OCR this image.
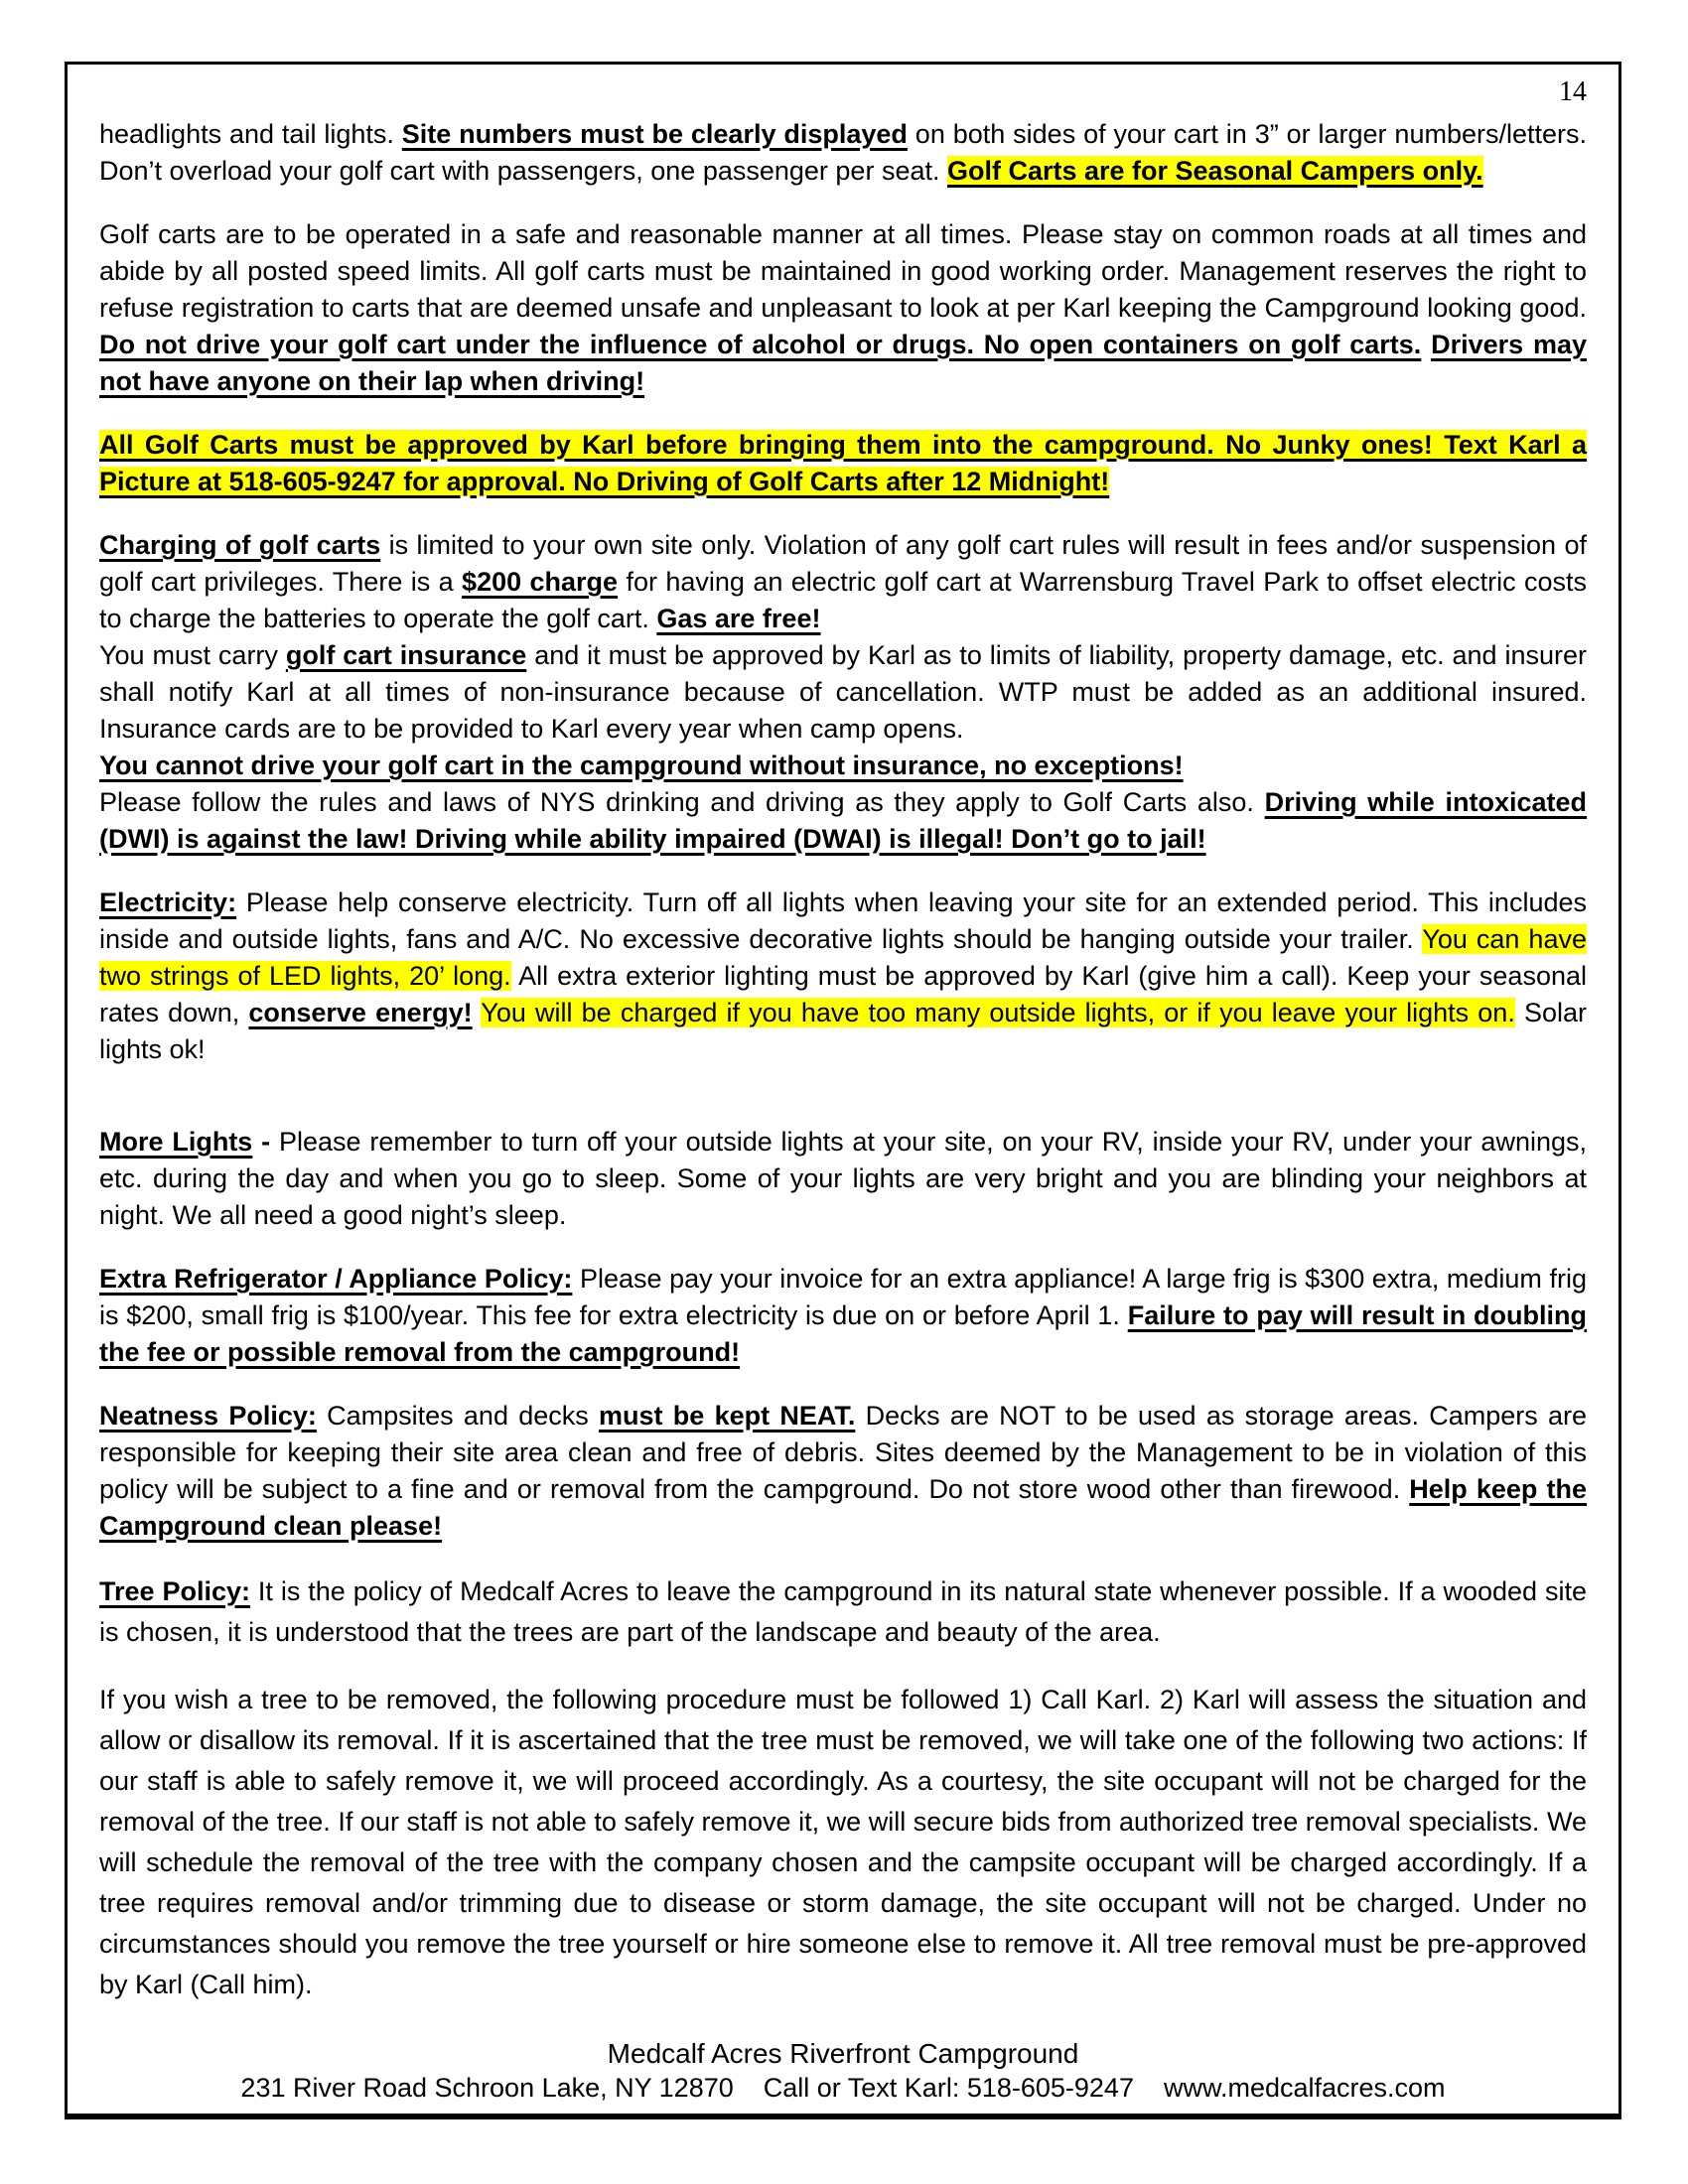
14
headlights and tail lights. Site numbers must be clearly displayed on both sides of your cart in 3” or larger numbers/letters. Don’t overload your golf cart with passengers, one passenger per seat. Golf Carts are for Seasonal Campers only.
Golf carts are to be operated in a safe and reasonable manner at all times. Please stay on common roads at all times and abide by all posted speed limits. All golf carts must be maintained in good working order. Management reserves the right to refuse registration to carts that are deemed unsafe and unpleasant to look at per Karl keeping the Campground looking good. Do not drive your golf cart under the influence of alcohol or drugs. No open containers on golf carts. Drivers may not have anyone on their lap when driving!
All Golf Carts must be approved by Karl before bringing them into the campground. No Junky ones! Text Karl a Picture at 518-605-9247 for approval. No Driving of Golf Carts after 12 Midnight!
Charging of golf carts is limited to your own site only. Violation of any golf cart rules will result in fees and/or suspension of golf cart privileges. There is a $200 charge for having an electric golf cart at Warrensburg Travel Park to offset electric costs to charge the batteries to operate the golf cart. Gas are free!
You must carry golf cart insurance and it must be approved by Karl as to limits of liability, property damage, etc. and insurer shall notify Karl at all times of non-insurance because of cancellation. WTP must be added as an additional insured. Insurance cards are to be provided to Karl every year when camp opens.
You cannot drive your golf cart in the campground without insurance, no exceptions!
Please follow the rules and laws of NYS drinking and driving as they apply to Golf Carts also. Driving while intoxicated (DWI) is against the law! Driving while ability impaired (DWAI) is illegal! Don’t go to jail!
Electricity: Please help conserve electricity. Turn off all lights when leaving your site for an extended period. This includes inside and outside lights, fans and A/C. No excessive decorative lights should be hanging outside your trailer. You can have two strings of LED lights, 20’ long. All extra exterior lighting must be approved by Karl (give him a call). Keep your seasonal rates down, conserve energy! You will be charged if you have too many outside lights, or if you leave your lights on. Solar lights ok!
More Lights - Please remember to turn off your outside lights at your site, on your RV, inside your RV, under your awnings, etc. during the day and when you go to sleep. Some of your lights are very bright and you are blinding your neighbors at night. We all need a good night’s sleep.
Extra Refrigerator / Appliance Policy: Please pay your invoice for an extra appliance! A large frig is $300 extra, medium frig is $200, small frig is $100/year. This fee for extra electricity is due on or before April 1. Failure to pay will result in doubling the fee or possible removal from the campground!
Neatness Policy: Campsites and decks must be kept NEAT. Decks are NOT to be used as storage areas. Campers are responsible for keeping their site area clean and free of debris. Sites deemed by the Management to be in violation of this policy will be subject to a fine and or removal from the campground. Do not store wood other than firewood. Help keep the Campground clean please!
Tree Policy: It is the policy of Medcalf Acres to leave the campground in its natural state whenever possible. If a wooded site is chosen, it is understood that the trees are part of the landscape and beauty of the area.
If you wish a tree to be removed, the following procedure must be followed 1) Call Karl. 2) Karl will assess the situation and allow or disallow its removal. If it is ascertained that the tree must be removed, we will take one of the following two actions: If our staff is able to safely remove it, we will proceed accordingly. As a courtesy, the site occupant will not be charged for the removal of the tree. If our staff is not able to safely remove it, we will secure bids from authorized tree removal specialists. We will schedule the removal of the tree with the company chosen and the campsite occupant will be charged accordingly. If a tree requires removal and/or trimming due to disease or storm damage, the site occupant will not be charged. Under no circumstances should you remove the tree yourself or hire someone else to remove it. All tree removal must be pre-approved by Karl (Call him).
Medcalf Acres Riverfront Campground
231 River Road Schroon Lake, NY 12870 Call or Text Karl: 518-605-9247 www.medcalfacres.com
